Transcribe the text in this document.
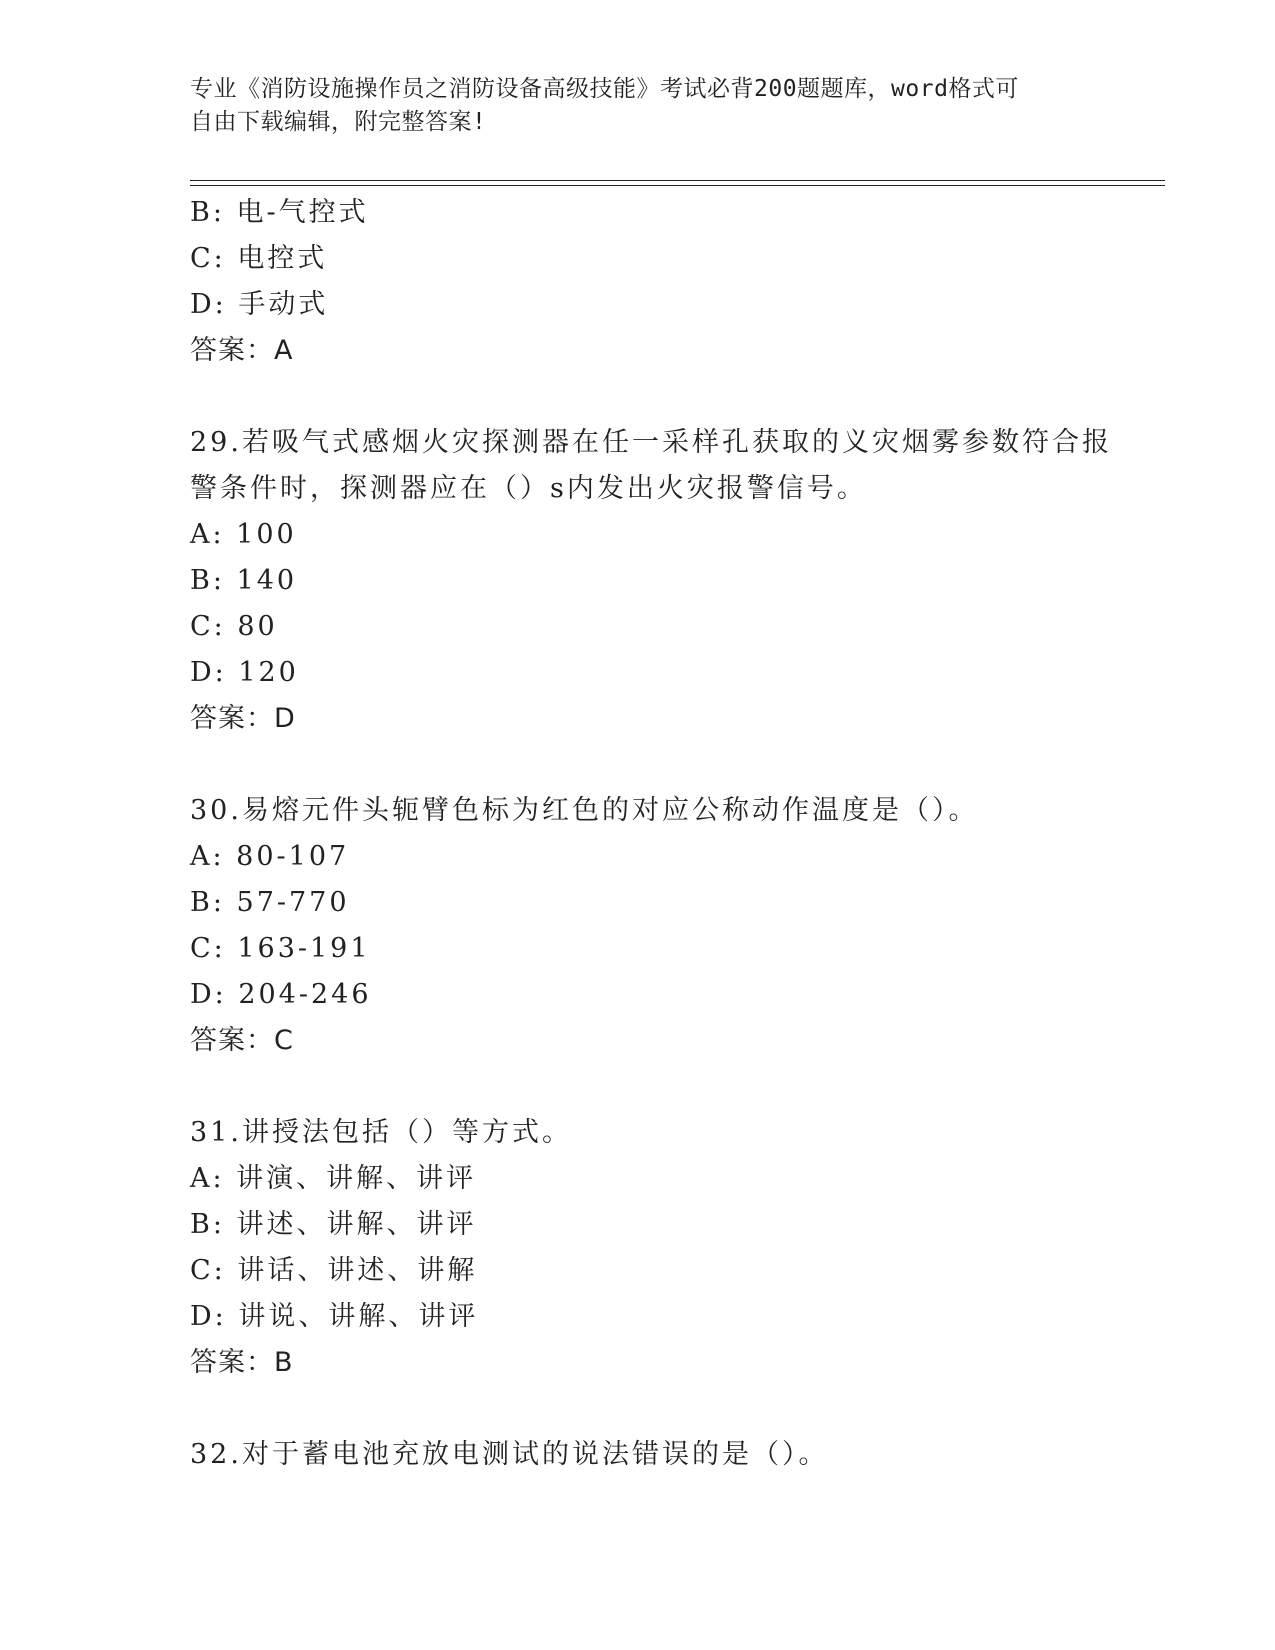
专业《消防设施操作员之消防设备高级技能》考试必背200题题库，word格式可
自由下载编辑，附完整答案!
B: 电-气控式
C: 电控式
D: 手动式
答案：A
29.若吸气式感烟火灾探测器在任一采样孔获取的义灾烟雾参数符合报
警条件时，探测器应在（）s内发出火灾报警信号。
A: 100
B: 140
C: 80
D: 120
答案：D
30.易熔元件头轭臂色标为红色的对应公称动作温度是（）。
A: 80-107
B: 57-770
C: 163-191
D: 204-246
答案：C
31.讲授法包括（）等方式。
A: 讲演、讲解、讲评
B: 讲述、讲解、讲评
C: 讲话、讲述、讲解
D: 讲说、讲解、讲评
答案：B
32.对于蓄电池充放电测试的说法错误的是（）。
